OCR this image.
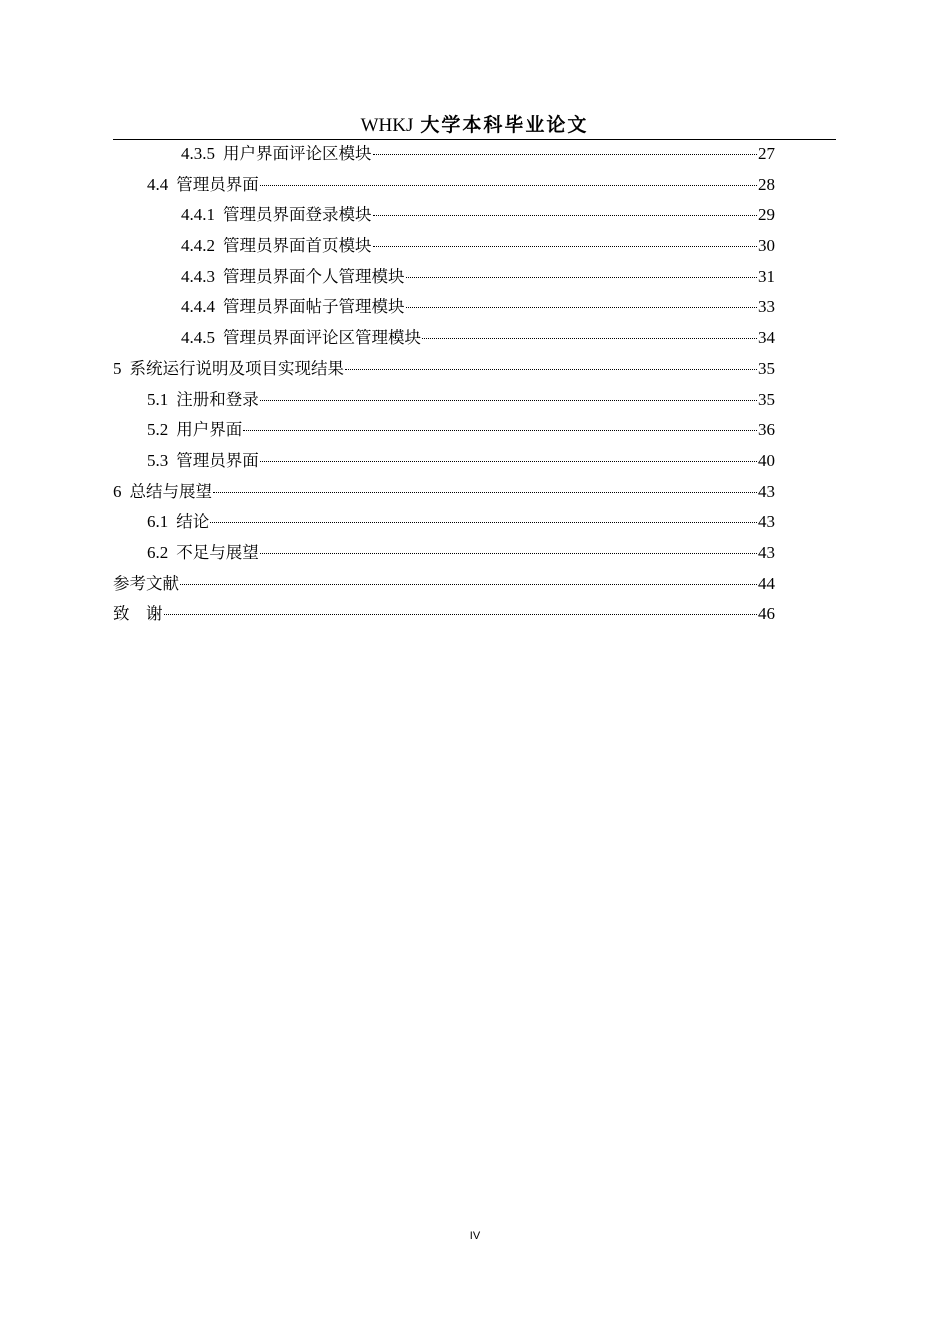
WHKJ 大学本科毕业论文
4.3.5 用户界面评论区模块	27
4.4 管理员界面	28
4.4.1 管理员界面登录模块	29
4.4.2 管理员界面首页模块	30
4.4.3 管理员界面个人管理模块	31
4.4.4 管理员界面帖子管理模块	33
4.4.5 管理员界面评论区管理模块	34
5 系统运行说明及项目实现结果	35
5.1 注册和登录	35
5.2 用户界面	36
5.3 管理员界面	40
6 总结与展望	43
6.1 结论	43
6.2 不足与展望	43
参考文献	44
致　谢	46
IV
